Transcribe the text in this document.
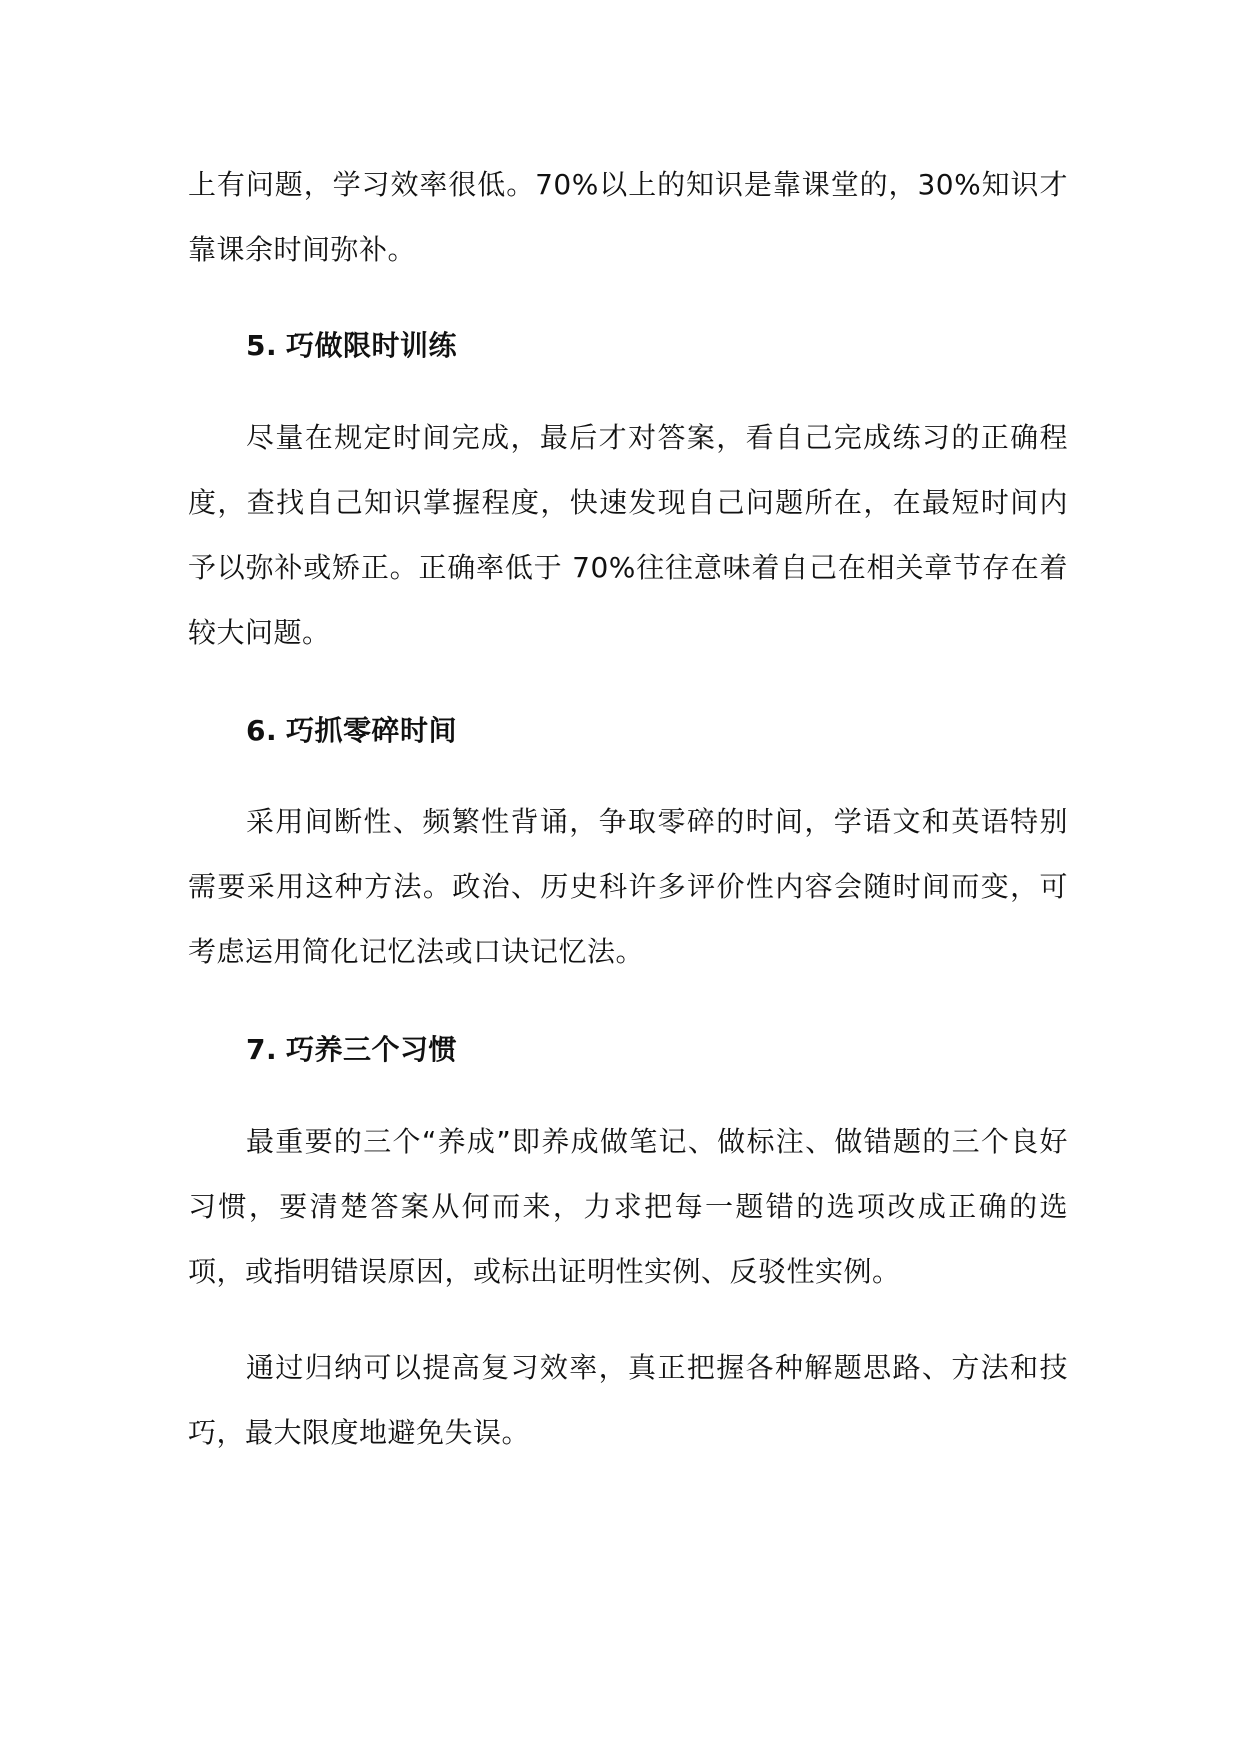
上有问题，学习效率很低。70%以上的知识是靠课堂的，30%知识才靠课余时间弥补。

5. 巧做限时训练

尽量在规定时间完成，最后才对答案，看自己完成练习的正确程度，查找自己知识掌握程度，快速发现自己问题所在，在最短时间内予以弥补或矫正。正确率低于 70%往往意味着自己在相关章节存在着较大问题。

6. 巧抓零碎时间

采用间断性、频繁性背诵，争取零碎的时间，学语文和英语特别需要采用这种方法。政治、历史科许多评价性内容会随时间而变，可考虑运用简化记忆法或口诀记忆法。

7. 巧养三个习惯

最重要的三个“养成”即养成做笔记、做标注、做错题的三个良好习惯，要清楚答案从何而来，力求把每一题错的选项改成正确的选项，或指明错误原因，或标出证明性实例、反驳性实例。

通过归纳可以提高复习效率，真正把握各种解题思路、方法和技巧，最大限度地避免失误。
